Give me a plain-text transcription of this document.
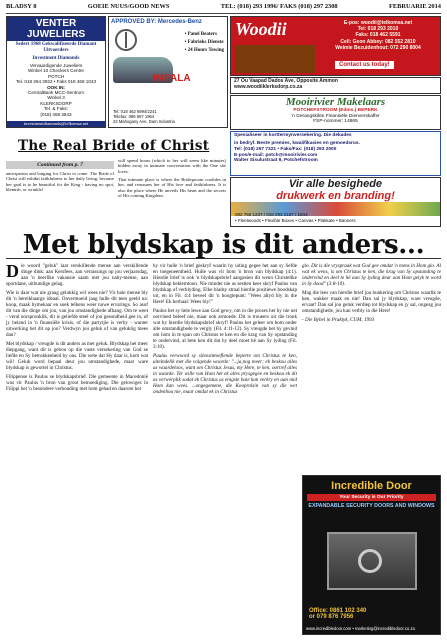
BLADSY 8	GOEIE NUUS/GOOD NEWS	TEL: (018) 293 1996/ FAKS (018) 297 2308	FEBRUARIE 2014
VENTER JUWELIERS
Sedert 1968 Gekwalifiseerde Diamant Uitvoerders
Investment Diamonds
Vervaardigende Juweliers
Winkel 10 Checkers Centre
POTCH
Tel. 018 294 3922 • Faks 018 468 1043
OOK IN:
CentralBank MCC-Sentrum
Winkel 3
KLERKSDORP
Tel. & Faks:
(018) 468 3843
investmentdiamonds@telkomsa.net
APPROVED BY: Mercedes-Benz
IMPALA
• Panel Beaters
• Fabrieks Dienste
• 24 Hours Towing
Tel: 018 462 6994/2241
Telefax: 086 567 1964
22 Mahogany Ave, Dam Industria
Woodii	E-pos: woodii@telkomsa.net
Tel: 018 293 2010
Faks: 018 462 5591
Cell: Geon Abbey: 082 552 2810
Welmie Bezuidenhout: 072 290 8004
Contact us today!
27 Ou Vaapad Dados Ave, Opposite Ammon
www.woodiiklerksdorp.co.za
Mooirivier Makelaars
POTCHEFSTROOM (Edms.) BEPERK
'n Gerangskikte Finansiële Dienverskaffer
FSP-nommer: 14865
Spesialiseer in korttermynversekering. Die dekades
in bedryf. Beste premies, kwalifikasies en gemoedsrus.
Tel: (018) 297 7321 • Faks/Fax: (018) 293 2000
E-pos/e-mail: potch@mooirivier.com
Walter Sisulustraat 9, Potchefstroom
Vir alle besighede
drukwerk en branding!
082 758 1237 / 018 293 2187 / 1844
• Fleetwoods • Flexible Boxes • Canvas • Plakkate • Banners
The Real Bride of Christ
Continued from p. 7

anticipation and longing for Christ to come. The Bride of Christ will exhibit faithfulness to her daily living, because her goal is to be beautiful for the King - having no spot, blemish, or wrinkle!

will spend hours (which to her will seem like minutes) hidden away in intimate conversation with the One she loves.

That intimate place is where the Bridegroom confides in her, and reassures her of His love and faithfulness. It is also the place where He unveils His heart and the secrets of His coming Kingdom.

Met blydskap is dit anders...

Die woord "geluk" laat verskillende mense aan verskillende dinge dink: aan Kersfees, aan verrassings op jou verjaarsdag, aan 'n heerlike vakansie saam met jou naby-mense, aan sportdane, uitbundige gelag.

Wie is daar wat nie graag gelukkig wil wees nie? Vir baie mense bly dit 'n bereikbaarge ideaal. Onvermoeid jaag hulle dit teen geeld na: koop, maak bymekaar en soek telkens weer nuwe ervarings. So asof dit van die dinge om jou, van jou omstandighede afhang. Om te weet - veral oorspronklik, dit is geliefde steel of jou gesondheid gee in, of jy beland in 'n finansiële krisis, of die partytjie is verby - wanter uitwerking het dit op jou? Verdwyn jou geluk of van geluklig mees dan?

Met blydskap / vreugde is dit anders as met geluk. Blydskap het meer diepgang, want dit is gebou op die vaste versekering van God se liefde en Sy betrokkenheid by ons. Die wete dat Hy daar is, kom wat wil! Geluk word bepaal deur jou omstandighede, maar ware blydskap is gewortel in Christus.

Filippense is Paulus se blydskapsbrief. Die gemeente in Macedonië was vir Paulus 'n bron van groot bemoediging. Die gelowiges in Filippi het 'n besondere verhouding met hom gehad en daarom het

hy vir hulle 'n brief geskryf waarin hy uiting gegee het aan sy liefde en toegeneentheid. Hulle was vir hom 'n bron van blydskap (4:1). Hierdie brief is ook 'n blydskapsbrief aangesien dit wenn Christelike blydskap beklemtoon. Nie minder nie as sestien keer skryf Paulus van blydskap of verblyding. Elke bladsy straal hierdie positiewe boodskap uit, en in Fil. 4:4 beveel dit 'n hoogtepunt: "Wees altyd bly in die Here! Ek herhaal: Wees bly!"

Paulus het sy hele lewe aan God gewy, om in die proses het hy nie net oorvloed beleef nie, maar ook armoede. Dit is troueers uit die tronk wat hy hierdie blydskapsbrief skryf! Paulus het geleer om hom onder alle omstandighede te vergly (Fil. 4:11-12). Sy vreugde het hy gevind om hom in te span om Christus te ken en die krag van Sy opstanding te ondervind, al bete ken dit dat hy deel moet hê aan Sy lyding (Fil. 3:10).

Paulus verwoord sy sileosintoeflende beperte om Christus te ken, uiteindelik met die volgende woorde: "...ja,nog meer; ek beskou alles as waardeloos, want om Christus Jesus, my Here, te ken, oortref alles in waarde. Ter wille van Hom het ek alles prysgegee en beskou ek dit as verwerplik sodat ek Christus as enigste baie kan verkry en aan mid Hom kan wees. ...ongegemene, die Kooprolsin van sy die wet ondenhou nie, maar omdat ek in Christus

glo. Dit is die vryspraak wat God gee omdat 'n mens in Hom glo. Al wat ek wens, is om Christus te ken, die krag van Sy opstanding te ondervind en deel te hê aan Sy lyding deur aan Hom gelyk te word in Sy dood" (3:8-10).

Mag die lees van hierdie brief jou hunkering om Christus waarlik te ken, wakker maak en nie! Dan sal jy blydskap, ware vreugde, ervaar! Dan sal jou geluk verdiep tot blydskap en jy sal, ongeag jou omstandighede, jou kan verbly in die Here!

- Die Bybel in Praktyk, CUM, 1993

Incredible Door
Your Security is Our Priority
EXPANDABLE SECURITY DOORS AND WINDOWS
Office: 0861 102 340
or 079 876 7956
www.incredibledoor.com • marketing@incredibledoor.co.za
